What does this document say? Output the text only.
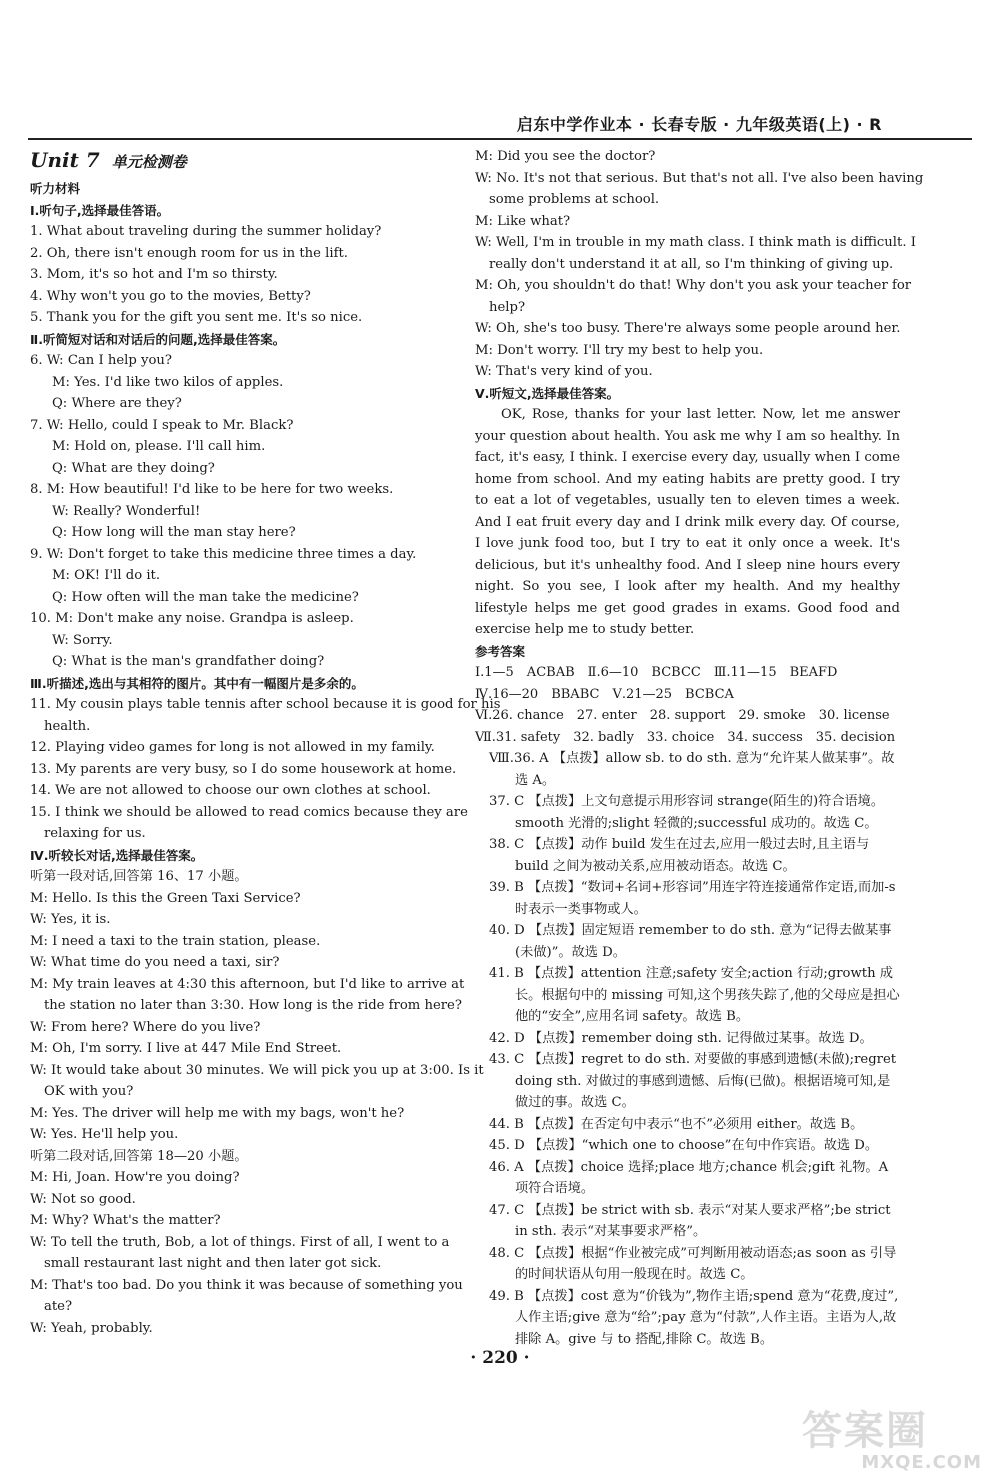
启东中学作业本 · 长春专版 · 九年级英语(上) · R
Unit 7 单元检测卷
听力材料
Ⅰ.听句子,选择最佳答语。
1. What about traveling during the summer holiday?
2. Oh, there isn't enough room for us in the lift.
3. Mom, it's so hot and I'm so thirsty.
4. Why won't you go to the movies, Betty?
5. Thank you for the gift you sent me. It's so nice.
Ⅱ.听简短对话和对话后的问题,选择最佳答案。
6. W: Can I help you?
M: Yes. I'd like two kilos of apples.
Q: Where are they?
7. W: Hello, could I speak to Mr. Black?
M: Hold on, please. I'll call him.
Q: What are they doing?
8. M: How beautiful! I'd like to be here for two weeks.
W: Really? Wonderful!
Q: How long will the man stay here?
9. W: Don't forget to take this medicine three times a day.
M: OK! I'll do it.
Q: How often will the man take the medicine?
10. M: Don't make any noise. Grandpa is asleep.
W: Sorry.
Q: What is the man's grandfather doing?
Ⅲ.听描述,选出与其相符的图片。其中有一幅图片是多余的。
11. My cousin plays table tennis after school because it is good for his
health.
12. Playing video games for long is not allowed in my family.
13. My parents are very busy, so I do some housework at home.
14. We are not allowed to choose our own clothes at school.
15. I think we should be allowed to read comics because they are
relaxing for us.
Ⅳ.听较长对话,选择最佳答案。
听第一段对话,回答第 16、17 小题。
M: Hello. Is this the Green Taxi Service?
W: Yes, it is.
M: I need a taxi to the train station, please.
W: What time do you need a taxi, sir?
M: My train leaves at 4:30 this afternoon, but I'd like to arrive at
the station no later than 3:30. How long is the ride from here?
W: From here? Where do you live?
M: Oh, I'm sorry. I live at 447 Mile End Street.
W: It would take about 30 minutes. We will pick you up at 3:00. Is it
OK with you?
M: Yes. The driver will help me with my bags, won't he?
W: Yes. He'll help you.
听第二段对话,回答第 18—20 小题。
M: Hi, Joan. How're you doing?
W: Not so good.
M: Why? What's the matter?
W: To tell the truth, Bob, a lot of things. First of all, I went to a
small restaurant last night and then later got sick.
M: That's too bad. Do you think it was because of something you
ate?
W: Yeah, probably.
M: Did you see the doctor?
W: No. It's not that serious. But that's not all. I've also been having
some problems at school.
M: Like what?
W: Well, I'm in trouble in my math class. I think math is difficult. I
really don't understand it at all, so I'm thinking of giving up.
M: Oh, you shouldn't do that! Why don't you ask your teacher for
help?
W: Oh, she's too busy. There're always some people around her.
M: Don't worry. I'll try my best to help you.
W: That's very kind of you.
Ⅴ.听短文,选择最佳答案。
OK, Rose, thanks for your last letter. Now, let me answer your question about health. You ask me why I am so healthy. In fact, it's easy, I think. I exercise every day, usually when I come home from school. And my eating habits are pretty good. I try to eat a lot of vegetables, usually ten to eleven times a week. And I eat fruit every day and I drink milk every day. Of course, I love junk food too, but I try to eat it only once a week. It's delicious, but it's unhealthy food. And I sleep nine hours every night. So you see, I look after my health. And my healthy lifestyle helps me get good grades in exams. Good food and exercise help me to study better.
参考答案
Ⅰ.1—5　ACBAB　Ⅱ.6—10　BCBCC　Ⅲ.11—15　BEAFD
Ⅳ.16—20　BBABC　Ⅴ.21—25　BCBCA
Ⅵ.26. chance　27. enter　28. support　29. smoke　30. license
Ⅶ.31. safety　32. badly　33. choice　34. success　35. decision
Ⅷ.36. A 【点拨】allow sb. to do sth. 意为“允许某人做某事”。故选 A。
37. C 【点拨】上文句意提示用形容词 strange(陌生的)符合语境。smooth 光滑的;slight 轻微的;successful 成功的。故选 C。
38. C 【点拨】动作 build 发生在过去,应用一般过去时,且主语与 build 之间为被动关系,应用被动语态。故选 C。
39. B 【点拨】“数词+名词+形容词”用连字符连接通常作定语,而加-s 时表示一类事物或人。
40. D 【点拨】固定短语 remember to do sth. 意为“记得去做某事(未做)”。故选 D。
41. B 【点拨】attention 注意;safety 安全;action 行动;growth 成长。根据句中的 missing 可知,这个男孩失踪了,他的父母应是担心他的“安全”,应用名词 safety。故选 B。
42. D 【点拨】remember doing sth. 记得做过某事。故选 D。
43. C 【点拨】regret to do sth. 对要做的事感到遗憾(未做);regret doing sth. 对做过的事感到遗憾、后悔(已做)。根据语境可知,是做过的事。故选 C。
44. B 【点拨】在否定句中表示“也不”必须用 either。故选 B。
45. D 【点拨】“which one to choose”在句中作宾语。故选 D。
46. A 【点拨】choice 选择;place 地方;chance 机会;gift 礼物。A 项符合语境。
47. C 【点拨】be strict with sb. 表示“对某人要求严格”;be strict in sth. 表示“对某事要求严格”。
48. C 【点拨】根据“作业被完成”可判断用被动语态;as soon as 引导的时间状语从句用一般现在时。故选 C。
49. B 【点拨】cost 意为“价钱为”,物作主语;spend 意为“花费,度过”,人作主语;give 意为“给”;pay 意为“付款”,人作主语。主语为人,故排除 A。give 与 to 搭配,排除 C。故选 B。
· 220 ·
答案圈
MXQE.COM
